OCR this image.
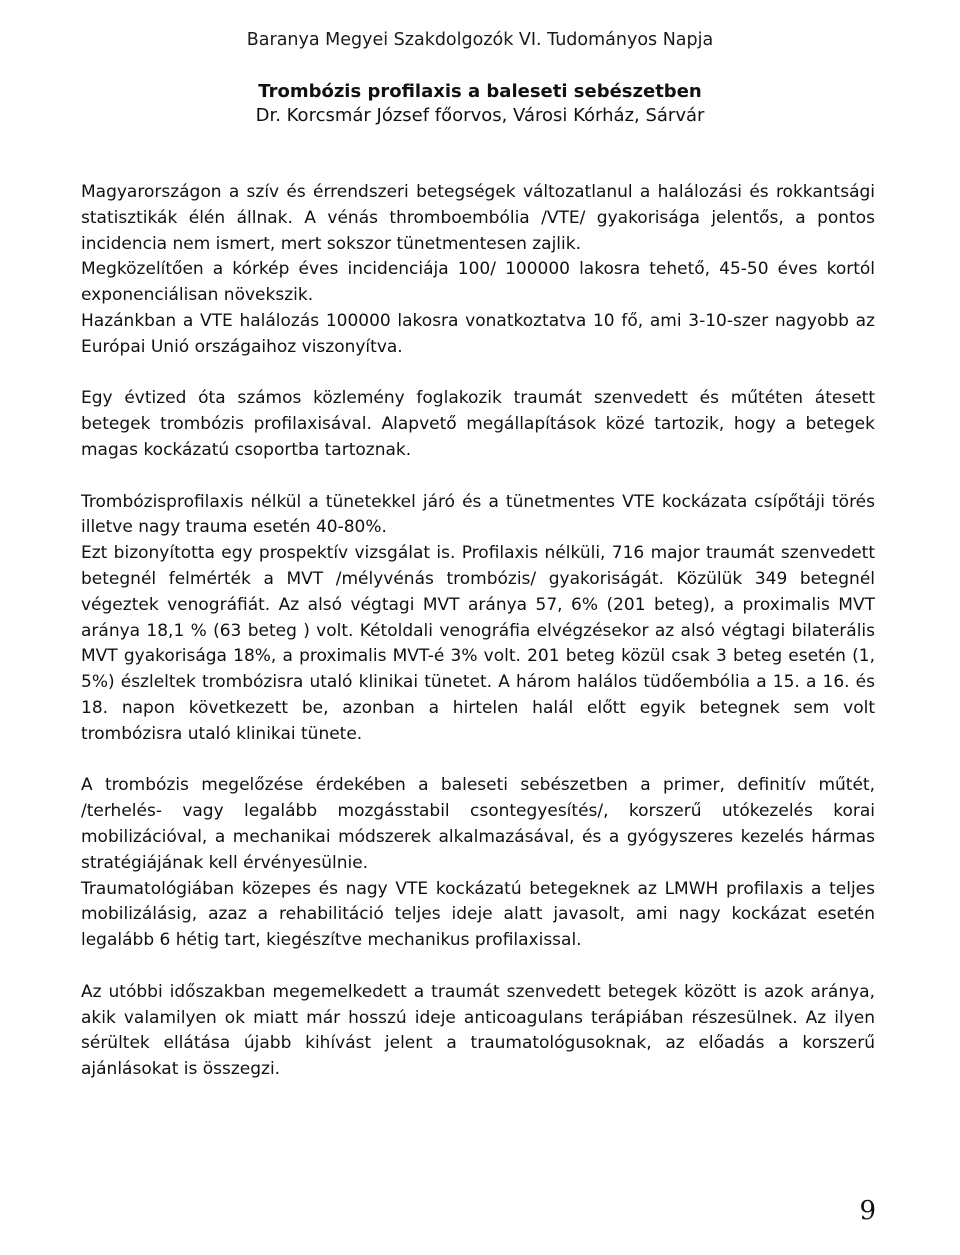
Baranya Megyei Szakdolgozók VI. Tudományos Napja
Trombózis profilaxis a baleseti sebészetben
Dr. Korcsmár József főorvos, Városi Kórház, Sárvár

Magyarországon a szív és érrendszeri betegségek változatlanul a halálozási és rokkantsági statisztikák élén állnak. A vénás thromboembólia /VTE/ gyakorisága jelentős, a pontos incidencia nem ismert, mert sokszor tünetmentesen zajlik.

Megközelítően a kórkép éves incidenciája 100/ 100000 lakosra tehető, 45-50 éves kortól exponenciálisan növekszik.

Hazánkban a VTE halálozás 100000 lakosra vonatkoztatva 10 fő, ami 3-10-szer nagyobb az Európai Unió országaihoz viszonyítva.

Egy évtized óta számos közlemény foglakozik traumát szenvedett és műtéten átesett betegek trombózis profilaxisával. Alapvető megállapítások közé tartozik, hogy a betegek magas kockázatú csoportba tartoznak.

Trombózisprofilaxis nélkül a tünetekkel járó és a tünetmentes VTE kockázata csípőtáji törés illetve nagy trauma esetén 40-80%.

Ezt bizonyította egy prospektív vizsgálat is. Profilaxis nélküli, 716 major traumát szenvedett betegnél felmérték a MVT /mélyvénás trombózis/ gyakoriságát. Közülük 349 betegnél végeztek venográfiát. Az alsó végtagi MVT aránya 57, 6% (201 beteg), a proximalis MVT aránya 18,1 % (63 beteg ) volt. Kétoldali venográfia elvégzésekor az alsó végtagi bilaterális MVT gyakorisága 18%, a proximalis MVT-é 3% volt. 201 beteg közül csak 3 beteg esetén (1, 5%) észleltek trombózisra utaló klinikai tünetet. A három halálos tüdőembólia a 15. a 16. és 18. napon következett be, azonban a hirtelen halál előtt egyik betegnek sem volt trombózisra utaló klinikai tünete.

A trombózis megelőzése érdekében a baleseti sebészetben a primer, definitív műtét, /terhelés- vagy legalább mozgásstabil csontegyesítés/, korszerű utókezelés korai mobilizációval, a mechanikai módszerek alkalmazásával, és a gyógyszeres kezelés hármas stratégiájának kell érvényesülnie.

Traumatológiában közepes és nagy VTE kockázatú betegeknek az LMWH profilaxis a teljes mobilizálásig, azaz a rehabilitáció teljes ideje alatt javasolt, ami nagy kockázat esetén legalább 6 hétig tart, kiegészítve mechanikus profilaxissal.

Az utóbbi időszakban megemelkedett a traumát szenvedett betegek között is azok aránya, akik valamilyen ok miatt már hosszú ideje anticoagulans terápiában részesülnek. Az ilyen sérültek ellátása újabb kihívást jelent a traumatológusoknak, az előadás a korszerű ajánlásokat is összegzi.

9
